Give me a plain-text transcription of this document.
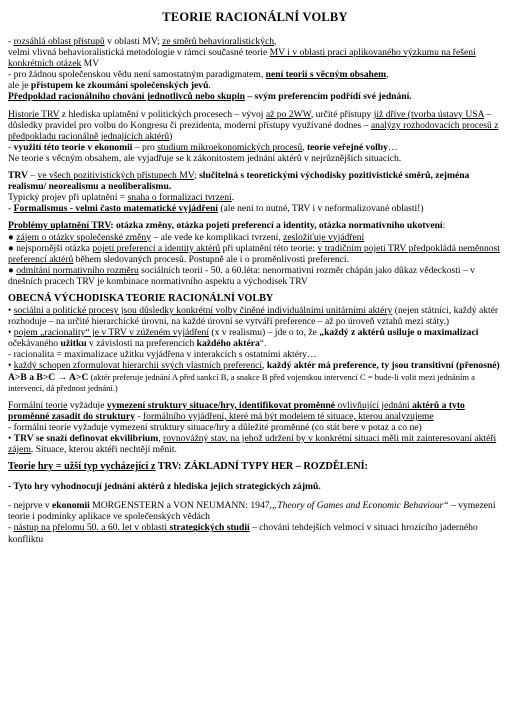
TEORIE RACIONÁLNÍ VOLBY

- rozsáhlá oblast přístupů v oblasti MV; ze směrů behavioralistických,

velmi vlivná behavioralistická metodologie v rámci současné teorie MV i v oblasti prací aplikovaného výzkumu na řešení konkrétních otázek MV

- pro žádnou společenskou vědu není samostatným paradigmatem, není teorií s věcným obsahem,

ale je přístupem ke zkoumání společenských jevů.

Předpoklad racionálního chování jednotlivců nebo skupin – svým preferencím podřídí své jednání.

Historie TRV z hlediska uplatnění v politických procesech – vývoj až po 2WW, určité přístupy již dříve (tvorba ústavy USA – důsledky pravidel pro volbu do Kongresu či prezidenta, moderní přístupy využívané dodnes – analýzy rozhodovacích procesů z předpokladu racionálně jednajících aktérů)

- využití této teorie v ekonomii – pro studium mikroekonomických procesů, teorie veřejné volby…

Ne teorie s věcným obsahem, ale vyjadřuje se k zákonitostem jednání aktérů v nejrůznějších situacích.

TRV – ve všech pozitivistických přístupech MV; slučitelná s teoretickými východisky pozitivistické směrů, zejména realismu/ neorealismu a neoliberalismu.

Typický projev při uplatnění = snaha o formalizaci tvrzení.

- Formalismus - velmi často matematické vyjádření (ale není to nutné, TRV i v neformalizované oblasti!)

Problémy uplatnění TRV: otázka změny, otázka pojetí preferencí a identity, otázka normativního ukotvení:

● zájem o otázky společenské změny – ale vede ke komplikaci tvrzení, zesložiťuje vyjádření

● nejspornější otázka pojetí preferencí a identity aktérů při uplatnění této teorie: v tradičním pojetí TRV předpokládá neměnnost preferencí aktérů během sledovaných procesů. Postupně ale i o proměnlivosti preferencí.

● odmítání normativního rozměru sociálních teorií - 50. a 60.léta: nenormativní rozměr chápán jako důkaz vědeckosti – v dnešních pracech TRV je kombinace normativního aspektu a východisek TRV

OBECNÁ VÝCHODISKA TEORIE RACIONÁLNÍ VOLBY

• sociální a politické procesy jsou důsledky konkrétní volby činěné individuálními unitárními aktéry (nejen státníci, každý aktér rozhoduje – na určité hierarchické úrovni, na každé úrovni se vytváří preference – až po úroveň vztahů mezi státy.)

• pojem „racionality“ je v TRV v zúženém vyjádření (x v realismu) – jde o to, že „každý z aktérů usiluje o maximalizaci očekávaného užitku v závislosti na preferencích každého aktéra“.

- racionalita = maximalizace užitku vyjádřena v interakcích s ostatními aktéry…

• každý schopen zformulovat hierarchii svých vlastních preferencí, každý aktér má preference, ty jsou transitivní (přenosné) A>B a B>C → A>C (aktér preferuje jednání A před sankcí B, a snakce B před vojenskou intervencí C = bude-li volit mezi jednáním a intervencí, dá přednost jednání.)

Formální teorie vyžaduje vymezení struktury situace/hry, identifikovat proměnné ovlivňující jednání aktérů a tyto proměnné zasadit do struktury - formálního vyjádření, které má být modelem té situace, kterou analyzujeme

- formální teorie vyžaduje vymezení struktury situace/hry a důležité proměnné (co stát bere v potaz a co ne)

• TRV se snaží definovat ekvilibrium, rovnovážný stav, na jehož udržení by v konkrétní situaci měli mít zainteresovaní aktéři zájem. Situace, kterou aktéři nechtějí měnit.

Teorie hry = užší typ vycházející z TRV: ZÁKLADNÍ TYPY HER – ROZDĚLENÍ:

- Tyto hry vyhodnocují jednání aktérů z hlediska jejich strategických zájmů.

- nejprve v ekonomii MORGENSTERN a VON NEUMANN: 1947,„Theory of Games and Economic Behaviour“ – vymezení teorie i podmínky aplikace ve společenských vědách

- nástup na přelomu 50. a 60. let v oblasti strategických studií – chování tehdejších velmocí v situaci hrozícího jaderného konfliktu
